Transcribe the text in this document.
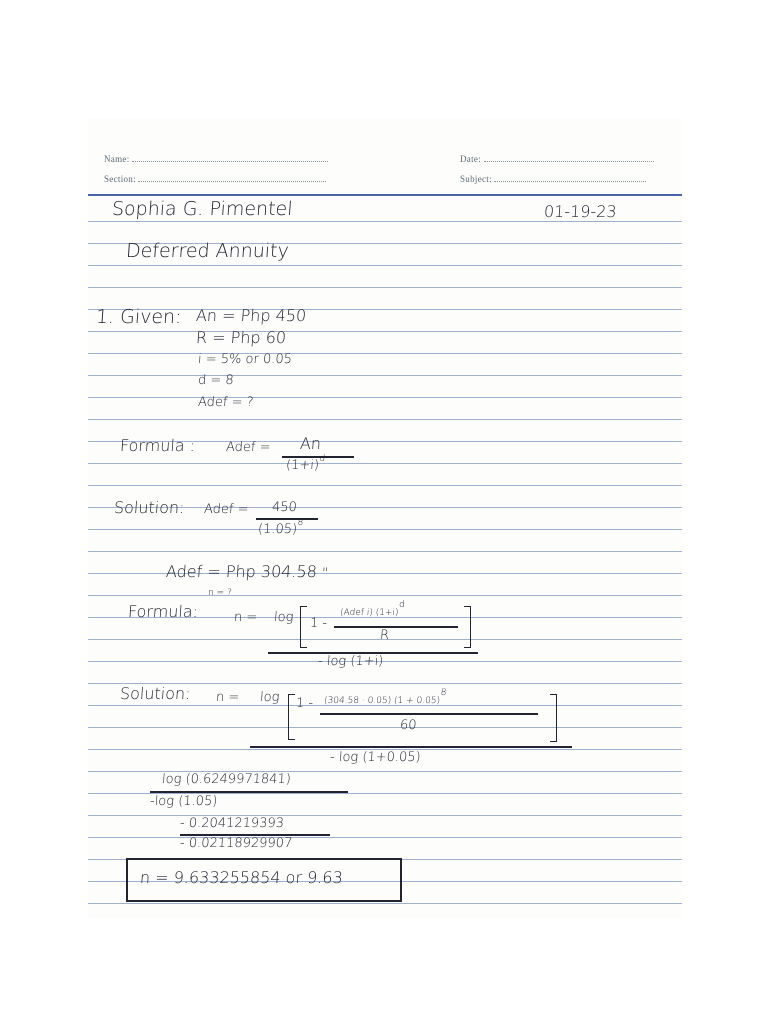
Name:
Section:
Date:
Subject:
Sophia G. Pimentel	01-19-23
Deferred Annuity
1. Given: An = Php 450
R = Php 60
i = 5% or 0.05
d = 8
Adef = ?
Formula : Adef = An
$(1+i)^d$
Solution: Adef = 450
$(1.05)^8$
Adef = Php 304.58 "
n = ?
Formula:	n = log 1 -
(Adef i) (1+i)d
R
- log (1+i)
Solution: n = log 1 - (304.58 · 0.05) (1 + 0.05)8
60
- log (1+0.05)
log (0.6249971841)
-log (1.05)
- 0.2041219393
- 0.02118929907
n = 9.633255854 or 9.63
